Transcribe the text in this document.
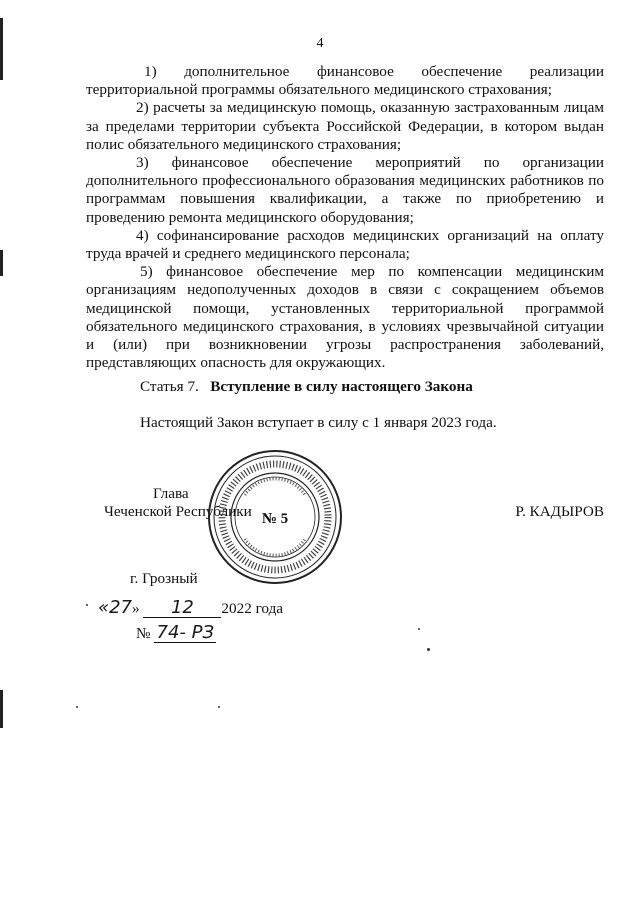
4

1)     дополнительное     финансовое     обеспечение     реализации территориальной программы обязательного медицинского страхования;

2) расчеты за медицинскую помощь, оказанную застрахованным лицам за пределами территории субъекта Российской Федерации, в котором выдан полис обязательного медицинского страхования;

3)    финансовое    обеспечение    мероприятий    по    организации дополнительного профессионального образования медицинских работников по программам повышения квалификации, а также по приобретению и проведению ремонта медицинского оборудования;

4) софинансирование расходов медицинских организаций на оплату труда врачей и среднего медицинского персонала;

5) финансовое обеспечение мер по компенсации медицинским организациям недополученных доходов в связи с сокращением объемов медицинской помощи, установленных территориальной программой обязательного медицинского страхования, в условиях чрезвычайной ситуации и (или) при возникновении угрозы распространения заболеваний, представляющих опасность для окружающих.

Статья 7. Вступление в силу настоящего Закона
Настоящий Закон вступает в силу с 1 января 2023 года.
Глава
Чеченской Республики	Р. КАДЫРОВ
№ 5
г. Грозный
«27» 12 2022 года
№ 74- РЗ
